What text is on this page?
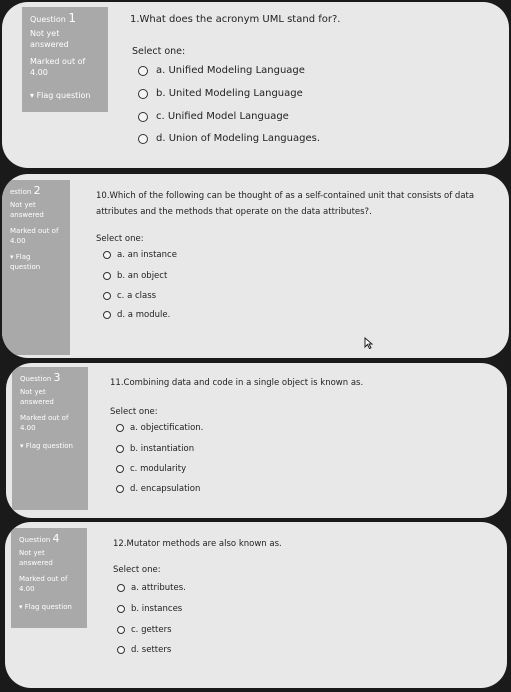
Question 1
Not yet answered
Marked out of 4.00
▾ Flag question
1.What does the acronym UML stand for?.
Select one:
a. Unified Modeling Language
b. United Modeling Language
c. Unified Model Language
d. Union of Modeling Languages.
estion 2
Not yet answered
Marked out of 4.00
▾ Flag question
10.Which of the following can be thought of as a self-contained unit that consists of data attributes and the methods that operate on the data attributes?.
Select one:
a. an instance
b. an object
c. a class
d. a module.
Question 3
Not yet answered
Marked out of 4.00
▾ Flag question
11.Combining data and code in a single object is known as.
Select one:
a. objectification.
b. instantiation
c. modularity
d. encapsulation
Question 4
Not yet answered
Marked out of 4.00
▾ Flag question
12.Mutator methods are also known as.
Select one:
a. attributes.
b. instances
c. getters
d. setters
